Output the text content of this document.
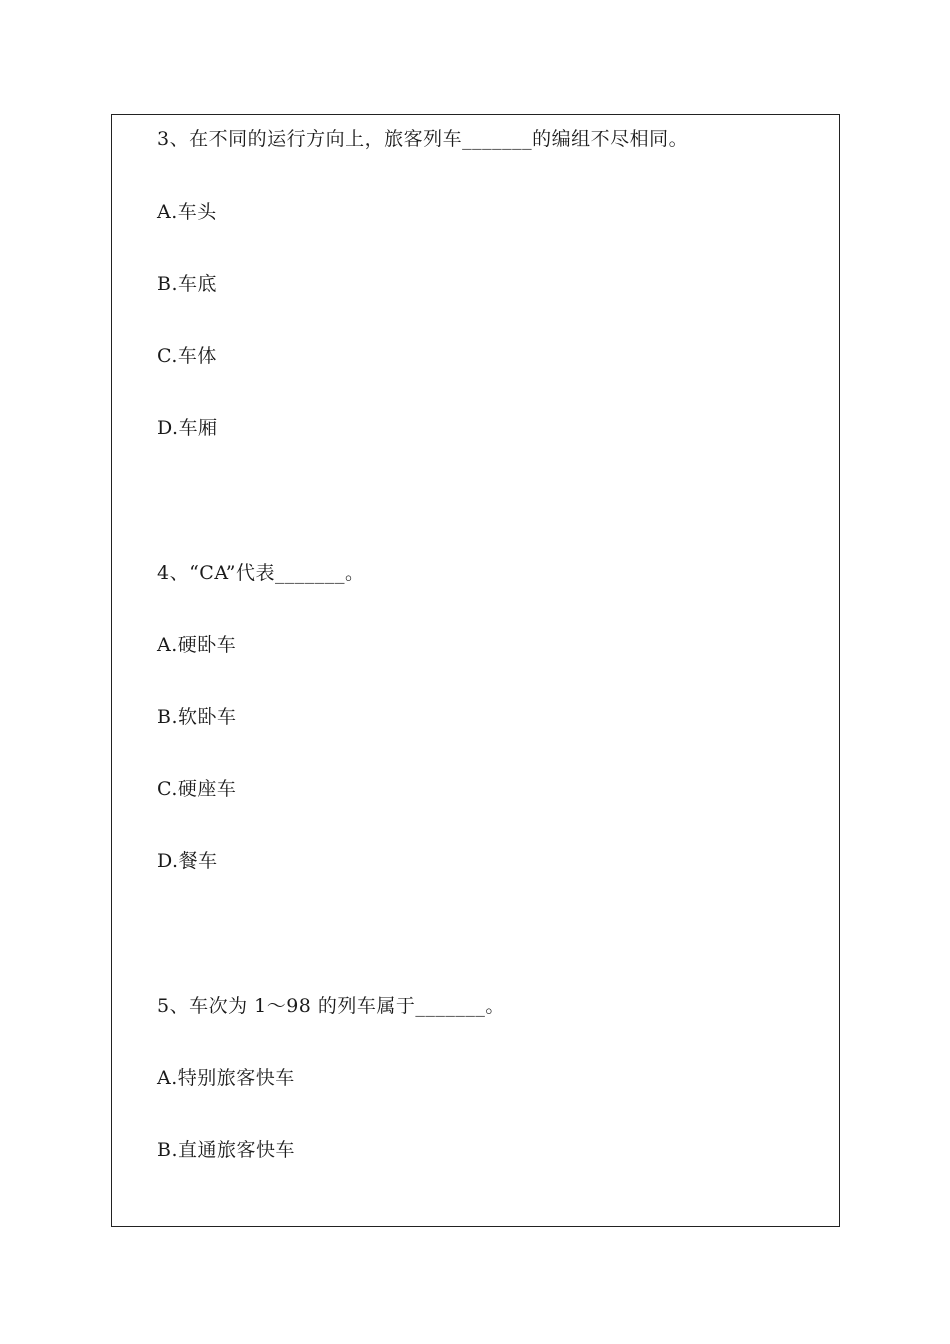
3、在不同的运行方向上，旅客列车_______的编组不尽相同。
A.车头
B.车底
C.车体
D.车厢
4、“CA”代表_______。
A.硬卧车
B.软卧车
C.硬座车
D.餐车
5、车次为 1～98 的列车属于_______。
A.特别旅客快车
B.直通旅客快车
